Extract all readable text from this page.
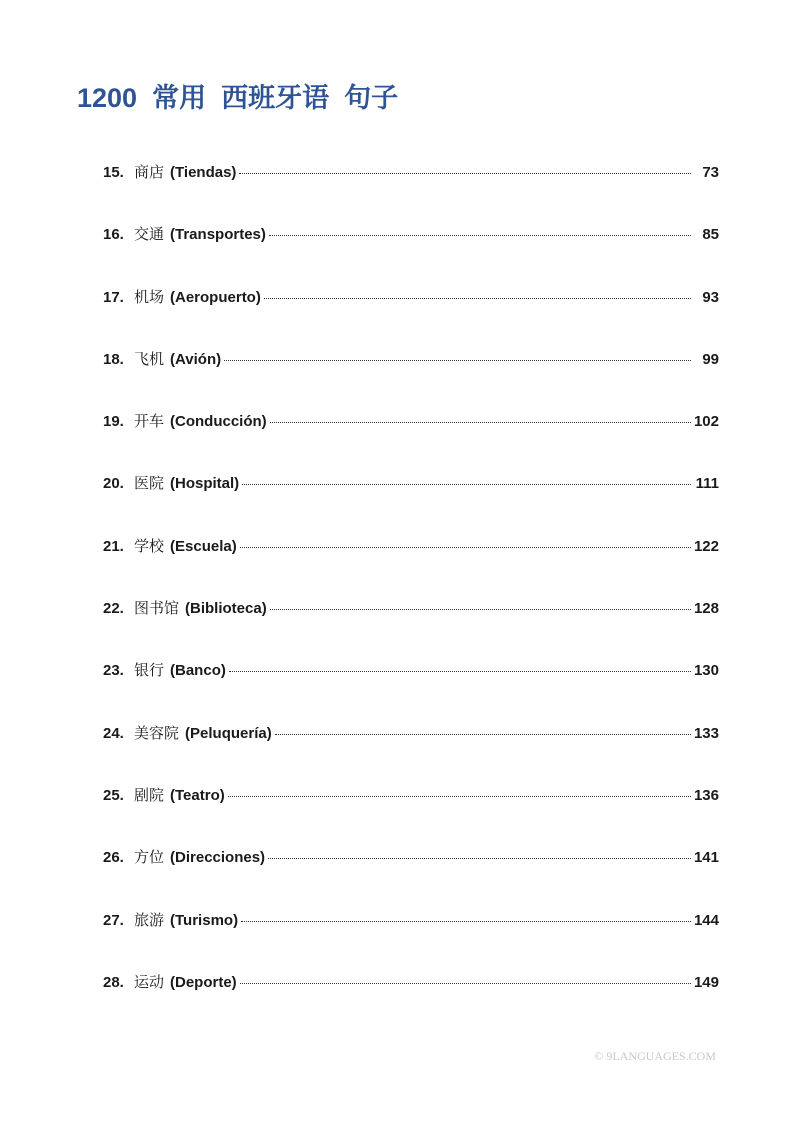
1200  常用  西班牙语  句子
15. 商店 (Tiendas)	73
16. 交通 (Transportes)	85
17. 机场 (Aeropuerto)	93
18. 飞机 (Avión)	99
19. 开车 (Conducción)	102
20. 医院 (Hospital)	111
21. 学校 (Escuela)	122
22. 图书馆 (Biblioteca)	128
23. 银行 (Banco)	130
24. 美容院 (Peluquería)	133
25. 剧院 (Teatro)	136
26. 方位 (Direcciones)	141
27. 旅游 (Turismo)	144
28. 运动 (Deporte)	149
© 9LANGUAGES.COM
